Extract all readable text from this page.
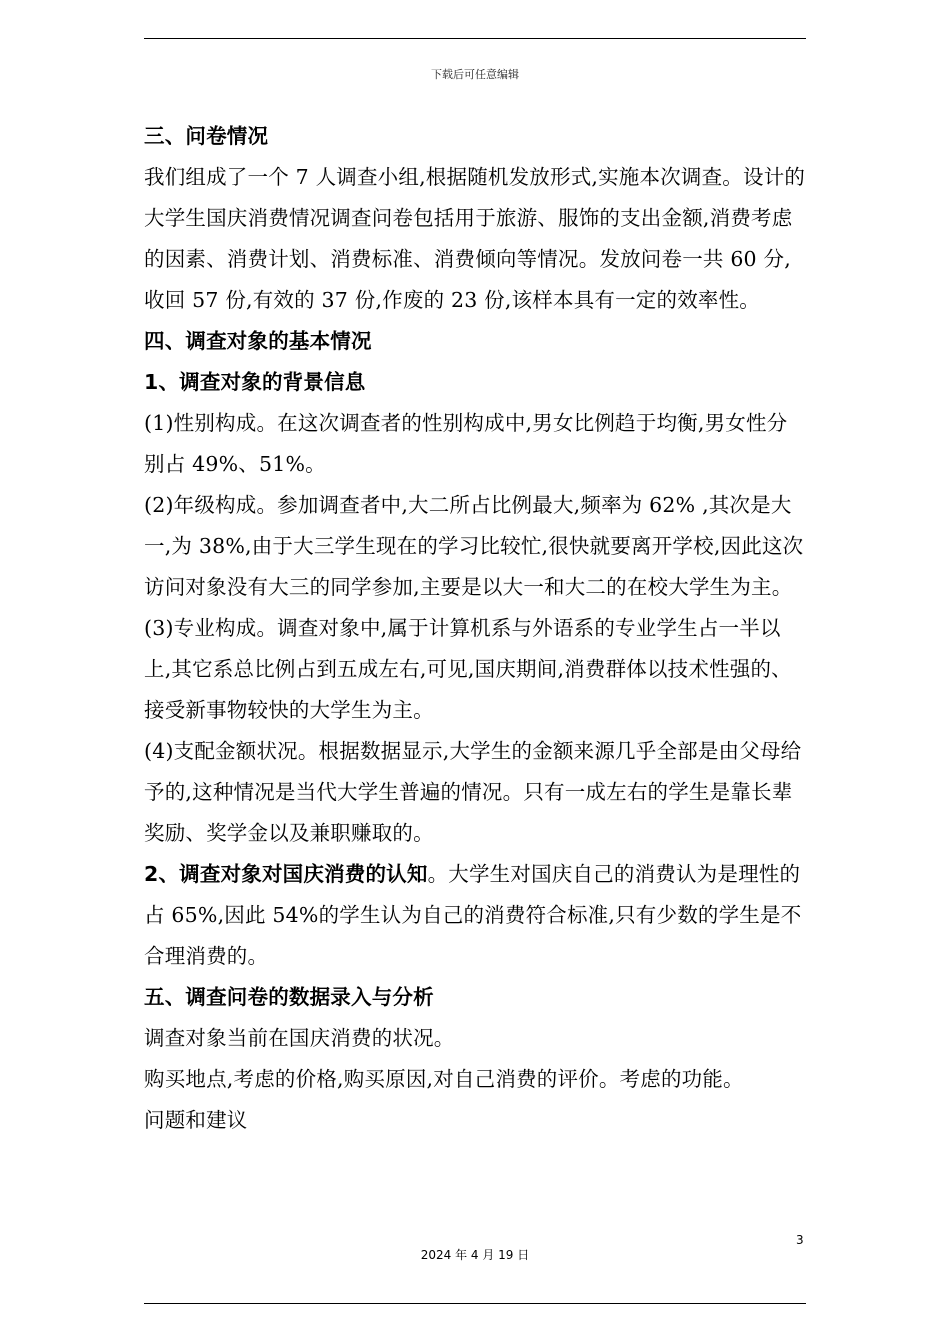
下载后可任意编辑

三、问卷情况

我们组成了一个 7 人调查小组,根据随机发放形式,实施本次调查。设计的大学生国庆消费情况调查问卷包括用于旅游、服饰的支出金额,消费考虑的因素、消费计划、消费标准、消费倾向等情况。发放问卷一共 60 分,收回 57 份,有效的 37 份,作废的 23 份,该样本具有一定的效率性。

四、调查对象的基本情况

1、调查对象的背景信息

(1)性别构成。在这次调查者的性别构成中,男女比例趋于均衡,男女性分别占 49%、51%。

(2)年级构成。参加调查者中,大二所占比例最大,频率为 62% ,其次是大一,为 38%,由于大三学生现在的学习比较忙,很快就要离开学校,因此这次访问对象没有大三的同学参加,主要是以大一和大二的在校大学生为主。

(3)专业构成。调查对象中,属于计算机系与外语系的专业学生占一半以上,其它系总比例占到五成左右,可见,国庆期间,消费群体以技术性强的、接受新事物较快的大学生为主。

(4)支配金额状况。根据数据显示,大学生的金额来源几乎全部是由父母给予的,这种情况是当代大学生普遍的情况。只有一成左右的学生是靠长辈奖励、奖学金以及兼职赚取的。

2、调查对象对国庆消费的认知。大学生对国庆自己的消费认为是理性的占 65%,因此 54%的学生认为自己的消费符合标准,只有少数的学生是不合理消费的。

五、调查问卷的数据录入与分析

调查对象当前在国庆消费的状况。

购买地点,考虑的价格,购买原因,对自己消费的评价。考虑的功能。

问题和建议

3
2024 年 4 月 19 日
